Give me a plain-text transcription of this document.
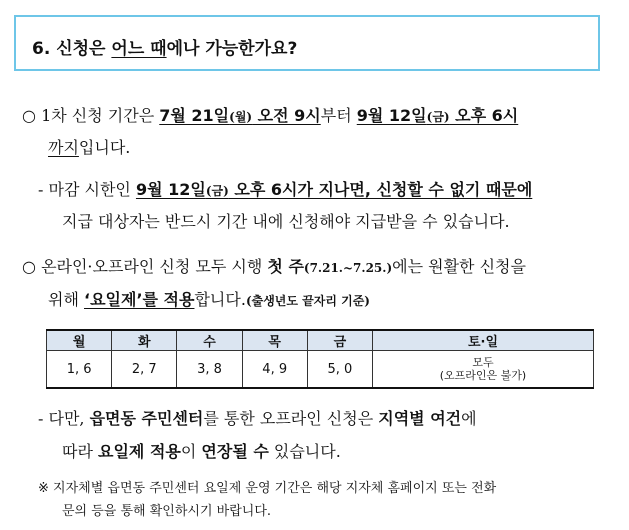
6. 신청은 어느 때에나 가능한가요?
○ 1차 신청 기간은 7월 21일(월) 오전 9시부터 9월 12일(금) 오후 6시
까지입니다.
- 마감 시한인 9월 12일(금) 오후 6시가 지나면, 신청할 수 없기 때문에
지급 대상자는 반드시 기간 내에 신청해야 지급받을 수 있습니다.
○ 온라인·오프라인 신청 모두 시행 첫 주(7.21.~7.25.)에는 원활한 신청을
위해 ‘요일제’를 적용합니다.(출생년도 끝자리 기준)
월	화	수	목	금	토·일
1, 6	2, 7	3, 8	4, 9	5, 0	모두
(오프라인은 불가)
- 다만, 읍면동 주민센터를 통한 오프라인 신청은 지역별 여건에
따라 요일제 적용이 연장될 수 있습니다.
※ 지자체별 읍면동 주민센터 요일제 운영 기간은 해당 지자체 홈페이지 또는 전화
문의 등을 통해 확인하시기 바랍니다.
